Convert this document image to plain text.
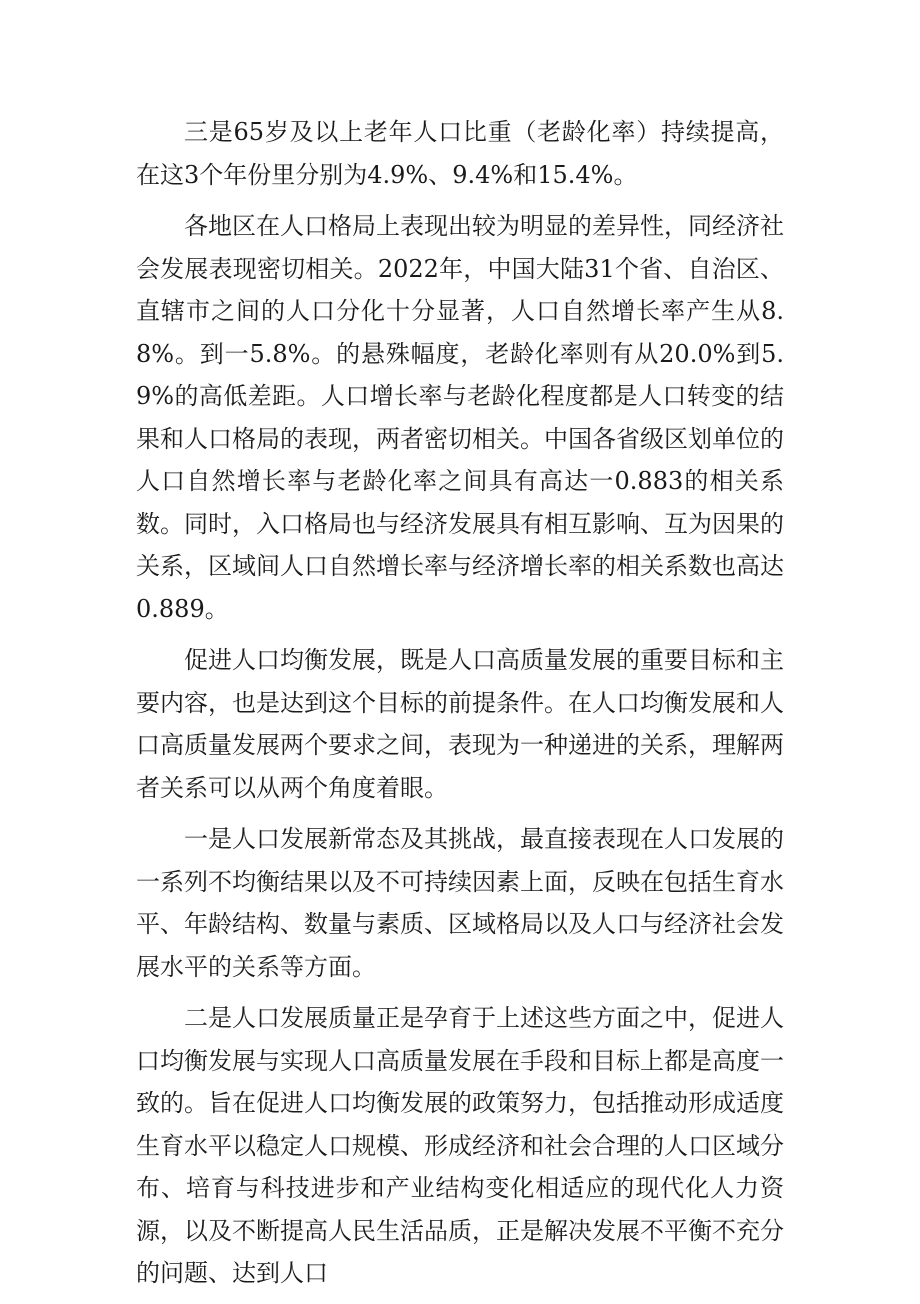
三是65岁及以上老年人口比重（老龄化率）持续提高，在这3个年份里分别为4.9%、9.4%和15.4%。

各地区在人口格局上表现出较为明显的差异性，同经济社会发展表现密切相关。2022年，中国大陆31个省、自治区、直辖市之间的人口分化十分显著，人口自然增长率产生从8.8%。到一5.8%。的悬殊幅度，老龄化率则有从20.0%到5.9%的高低差距。人口增长率与老龄化程度都是人口转变的结果和人口格局的表现，两者密切相关。中国各省级区划单位的人口自然增长率与老龄化率之间具有高达一0.883的相关系数。同时，入口格局也与经济发展具有相互影响、互为因果的关系，区域间人口自然增长率与经济增长率的相关系数也高达0.889。

促进人口均衡发展，既是人口高质量发展的重要目标和主要内容，也是达到这个目标的前提条件。在人口均衡发展和人口高质量发展两个要求之间，表现为一种递进的关系，理解两者关系可以从两个角度着眼。

一是人口发展新常态及其挑战，最直接表现在人口发展的一系列不均衡结果以及不可持续因素上面，反映在包括生育水平、年龄结构、数量与素质、区域格局以及人口与经济社会发展水平的关系等方面。

二是人口发展质量正是孕育于上述这些方面之中，促进人口均衡发展与实现人口高质量发展在手段和目标上都是高度一致的。旨在促进人口均衡发展的政策努力，包括推动形成适度生育水平以稳定人口规模、形成经济和社会合理的人口区域分布、培育与科技进步和产业结构变化相适应的现代化人力资源，以及不断提高人民生活品质，正是解决发展不平衡不充分的问题、达到人口
